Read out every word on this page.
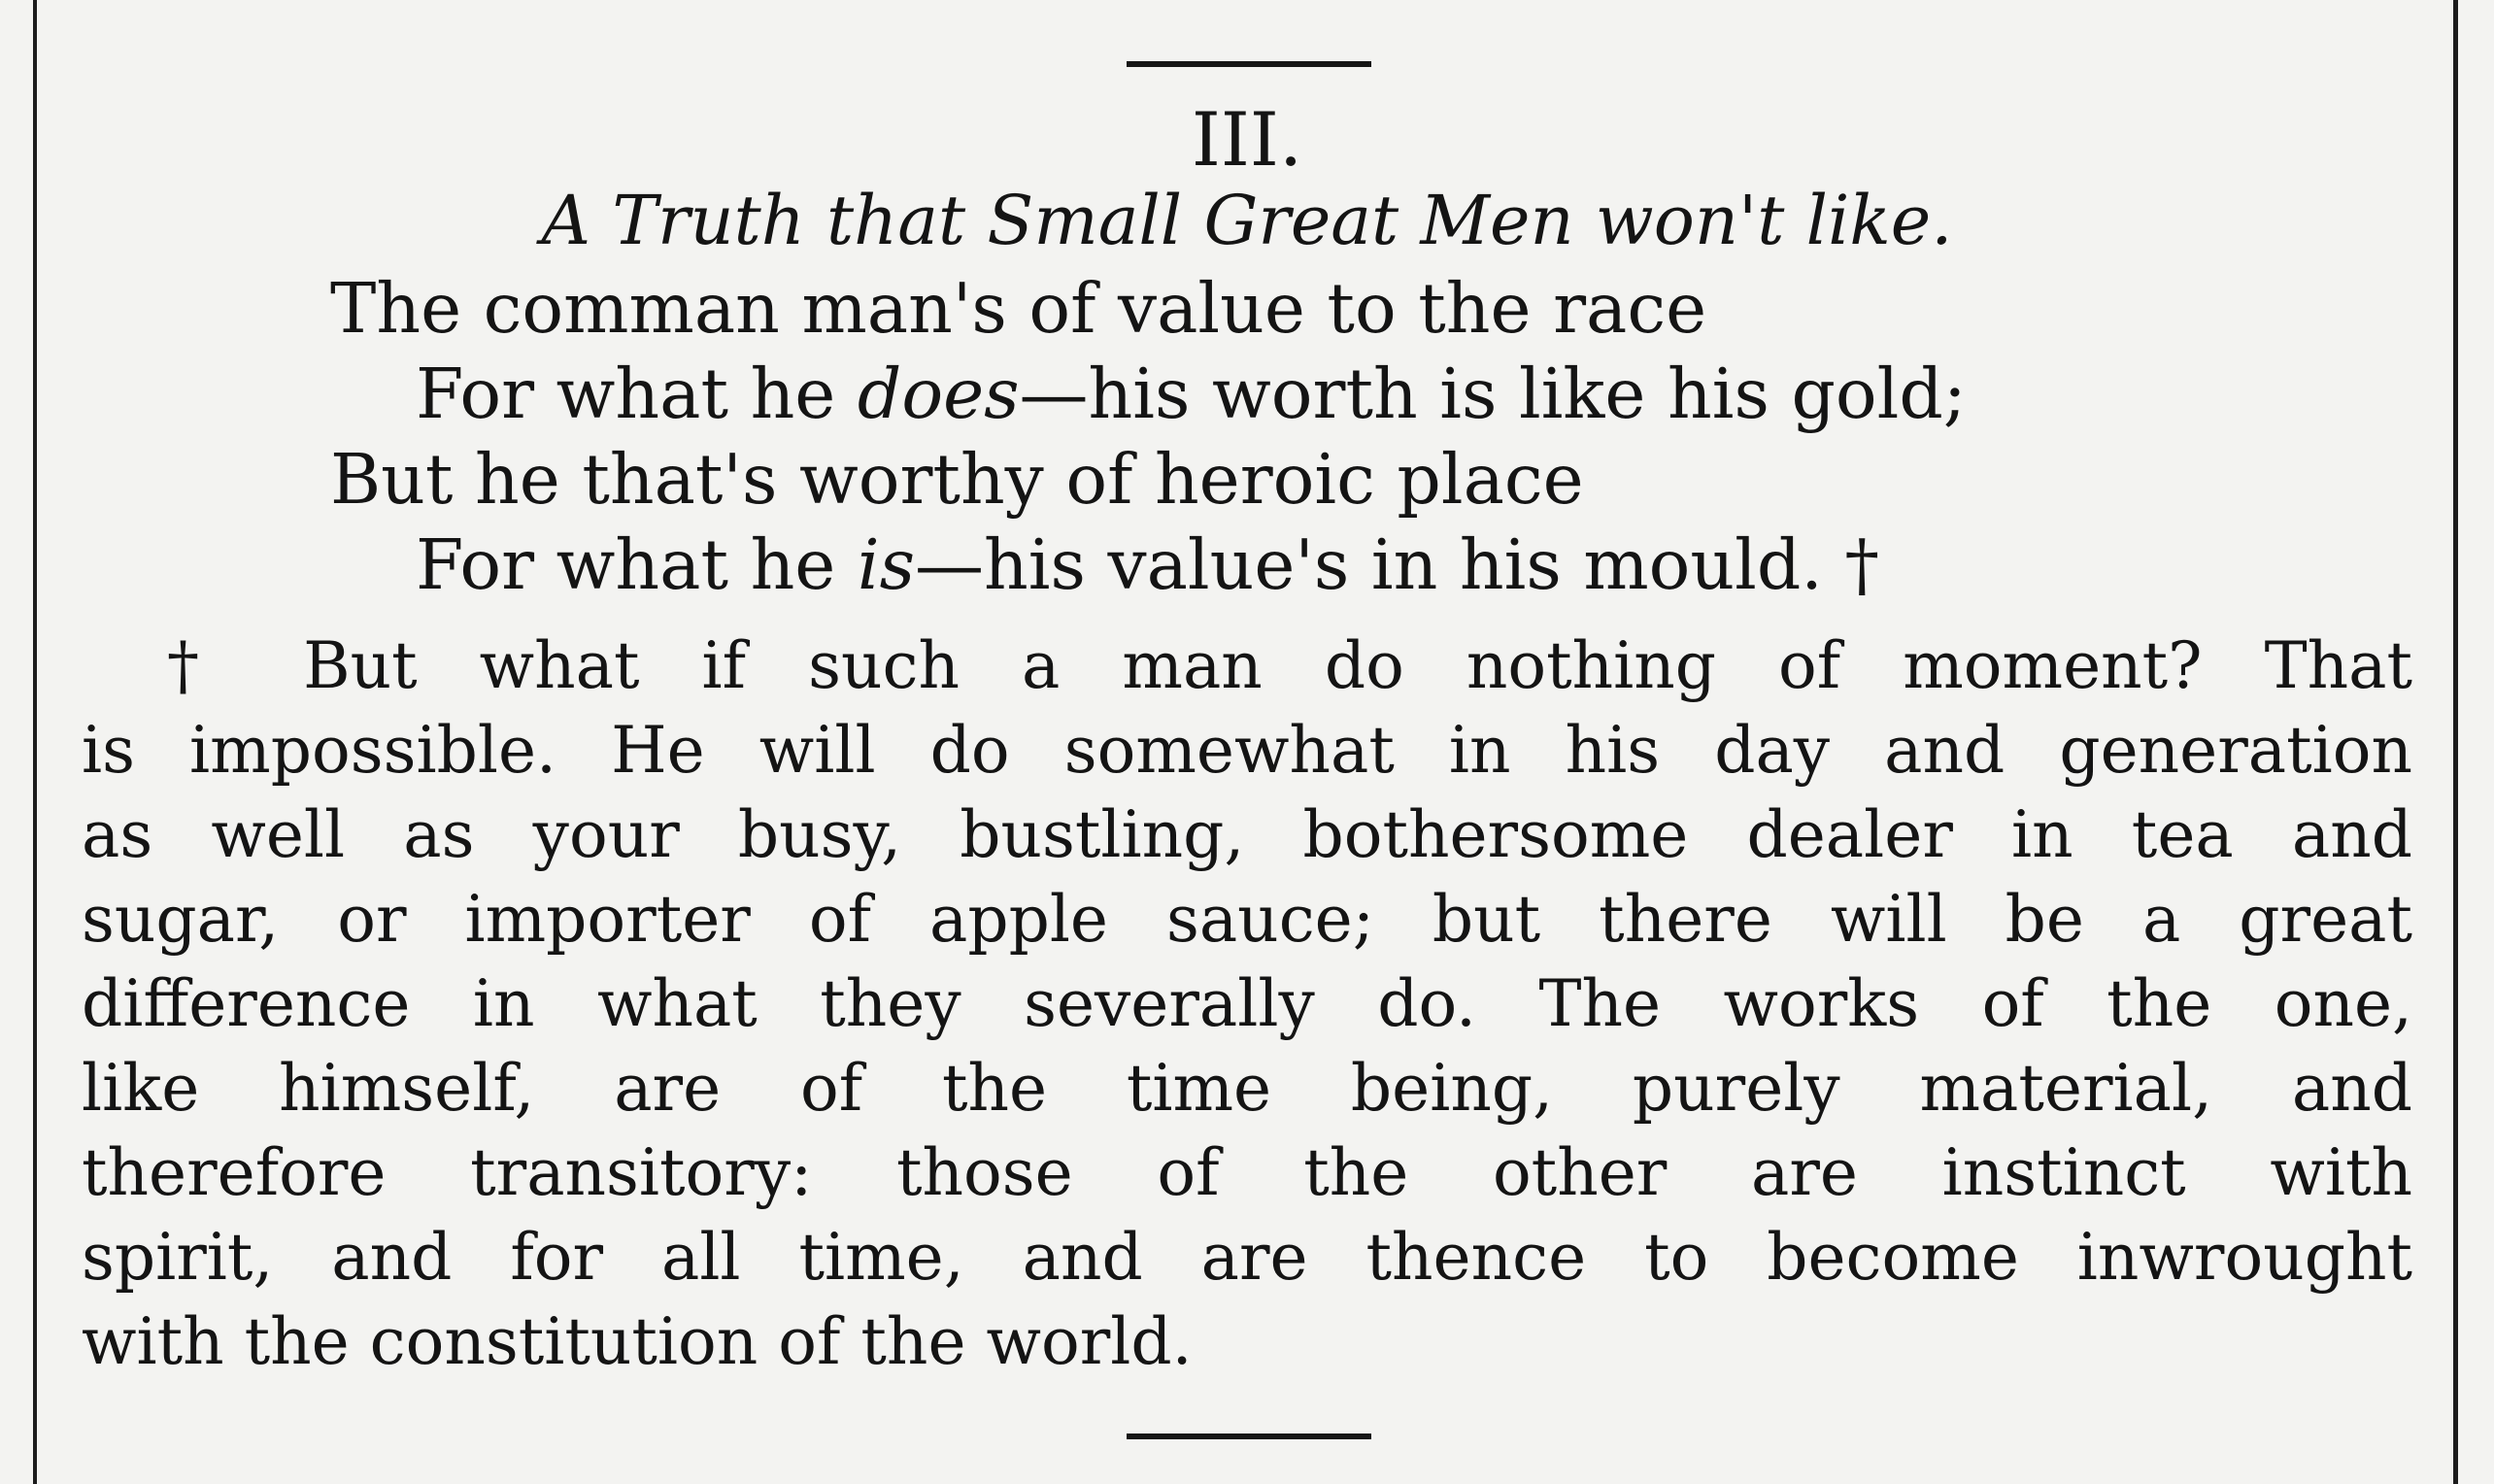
III.
A Truth that Small Great Men won't like.
The comman man's of value to the race
For what he does—his worth is like his gold;
But he that's worthy of heroic place
For what he is—his value's in his mould. †
† But what if such a man do nothing of moment? That
is impossible. He will do somewhat in his day and generation
as well as your busy, bustling, bothersome dealer in tea and
sugar, or importer of apple sauce; but there will be a great
difference in what they severally do. The works of the one,
like himself, are of the time being, purely material, and
therefore transitory: those of the other are instinct with
spirit, and for all time, and are thence to become inwrought
with the constitution of the world.
